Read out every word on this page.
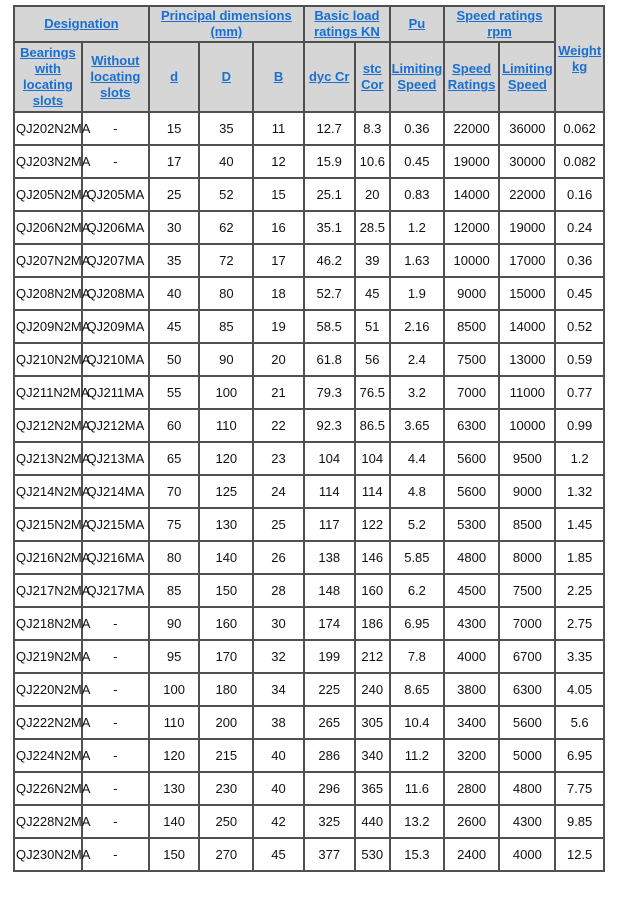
Designation		Principal dimensions (mm)			Basic load ratings KN		Pu	Speed ratings rpm		Weight kg
Bearings with locating slots	Without locating slots	d	D	B	dyc Cr	stc Cor	Limiting Speed	Speed Ratings	Limiting Speed	
QJ202N2MA	-	15	35	11	12.7	8.3	0.36	22000	36000	0.062
QJ203N2MA	-	17	40	12	15.9	10.6	0.45	19000	30000	0.082
QJ205N2MA	QJ205MA	25	52	15	25.1	20	0.83	14000	22000	0.16
QJ206N2MA	QJ206MA	30	62	16	35.1	28.5	1.2	12000	19000	0.24
QJ207N2MA	QJ207MA	35	72	17	46.2	39	1.63	10000	17000	0.36
QJ208N2MA	QJ208MA	40	80	18	52.7	45	1.9	9000	15000	0.45
QJ209N2MA	QJ209MA	45	85	19	58.5	51	2.16	8500	14000	0.52
QJ210N2MA	QJ210MA	50	90	20	61.8	56	2.4	7500	13000	0.59
QJ211N2MA	QJ211MA	55	100	21	79.3	76.5	3.2	7000	11000	0.77
QJ212N2MA	QJ212MA	60	110	22	92.3	86.5	3.65	6300	10000	0.99
QJ213N2MA	QJ213MA	65	120	23	104	104	4.4	5600	9500	1.2
QJ214N2MA	QJ214MA	70	125	24	114	114	4.8	5600	9000	1.32
QJ215N2MA	QJ215MA	75	130	25	117	122	5.2	5300	8500	1.45
QJ216N2MA	QJ216MA	80	140	26	138	146	5.85	4800	8000	1.85
QJ217N2MA	QJ217MA	85	150	28	148	160	6.2	4500	7500	2.25
QJ218N2MA	-	90	160	30	174	186	6.95	4300	7000	2.75
QJ219N2MA	-	95	170	32	199	212	7.8	4000	6700	3.35
QJ220N2MA	-	100	180	34	225	240	8.65	3800	6300	4.05
QJ222N2MA	-	110	200	38	265	305	10.4	3400	5600	5.6
QJ224N2MA	-	120	215	40	286	340	11.2	3200	5000	6.95
QJ226N2MA	-	130	230	40	296	365	11.6	2800	4800	7.75
QJ228N2MA	-	140	250	42	325	440	13.2	2600	4300	9.85
QJ230N2MA	-	150	270	45	377	530	15.3	2400	4000	12.5
